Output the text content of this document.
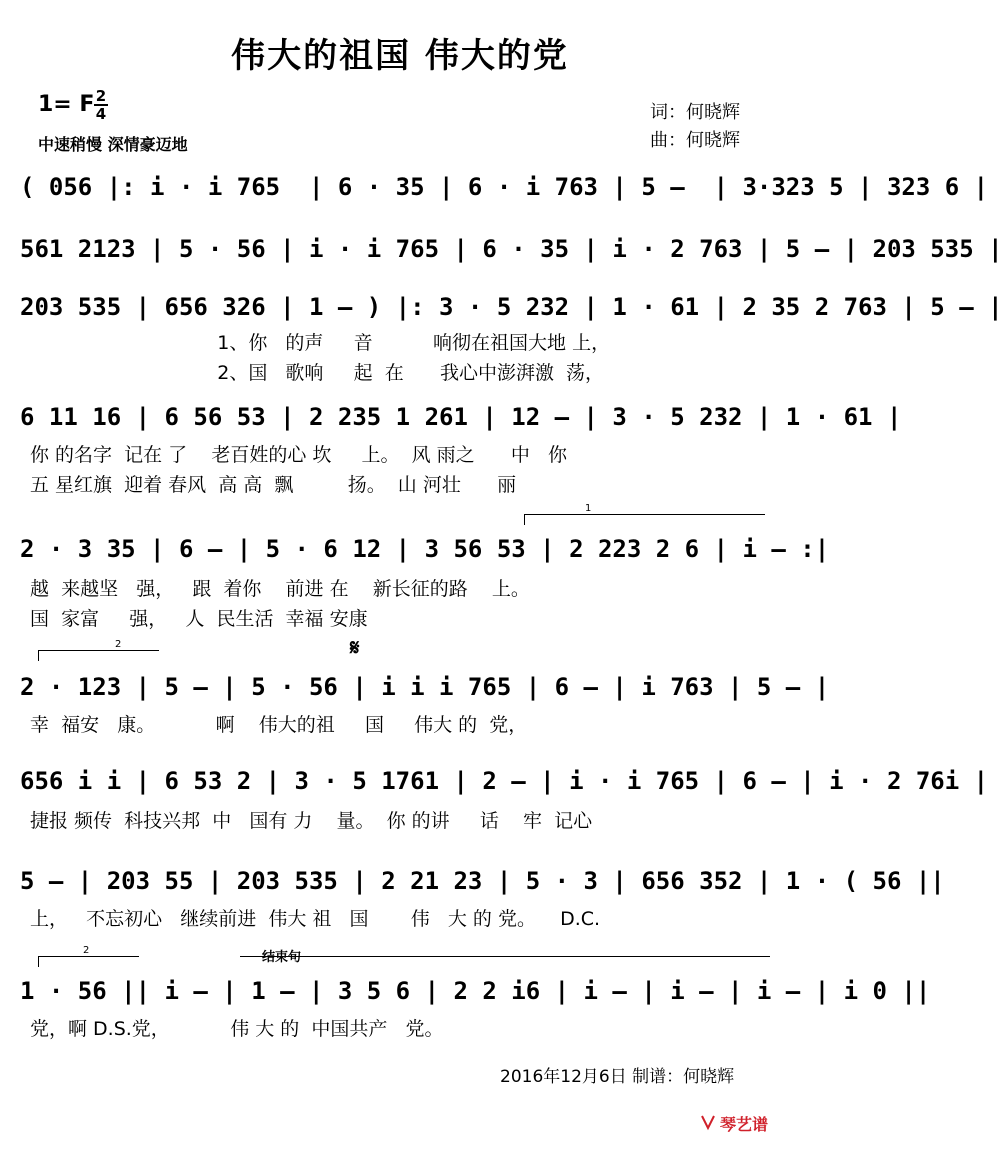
伟大的祖国 伟大的党
1= F 2
4
中速稍慢 深情豪迈地
词：何晓辉
曲：何晓辉
( 056 |: i · i 765  | 6 · 35 | 6 · i 763 | 5 –  | 3·323 5 | 323 6 |
561 2123 | 5 · 56 | i · i 765 | 6 · 35 | i · 2 763 | 5 – | 203 535 |
203 535 | 656 326 | 1 – ) |: 3 · 5 232 | 1 · 61 | 2 35 2 763 | 5 – |
1、你   的声     音          响彻在祖国大地 上，
2、国   歌响     起  在      我心中澎湃激  荡，
6 11 16 | 6 56 53 | 2 235 1 261 | 12 – | 3 · 5 232 | 1 · 61 |
你 的名字  记在 了    老百姓的心 坎     上。  风 雨之      中   你
五 星红旗  迎着 春风  高 高  飘         扬。  山 河壮      丽
1
2 · 3 35 | 6 – | 5 · 6 12 | 3 56 53 | 2 223 2 6 | i – :|
越  来越坚   强，   跟  着你    前进 在    新长征的路    上。
国  家富     强，   人  民生活  幸福 安康
2	𝄋
2 · 123 | 5 – | 5 · 56 | i i i 765 | 6 – | i 763 | 5 – |
幸  福安   康。          啊    伟大的祖     国     伟大 的  党，
656 i i | 6 53 2 | 3 · 5 1761 | 2 – | i · i 765 | 6 – | i · 2 76i |
捷报 频传  科技兴邦  中   国有 力    量。  你 的讲     话    牢  记心
5 – | 203 55 | 203 535 | 2 21 23 | 5 · 3 | 656 352 | 1 · ( 56 ||
上，   不忘初心   继续前进  伟大 祖   国       伟   大 的 党。    D.C.
2	结束句
1 · 56 || i – | 1 – | 3 5 6 | 2 2 i6 | i – | i – | i – | i 0 ||
党，啊 D.S.党，          伟 大 的  中国共产   党。
2016年12月6日 制谱：何晓辉
琴艺谱
